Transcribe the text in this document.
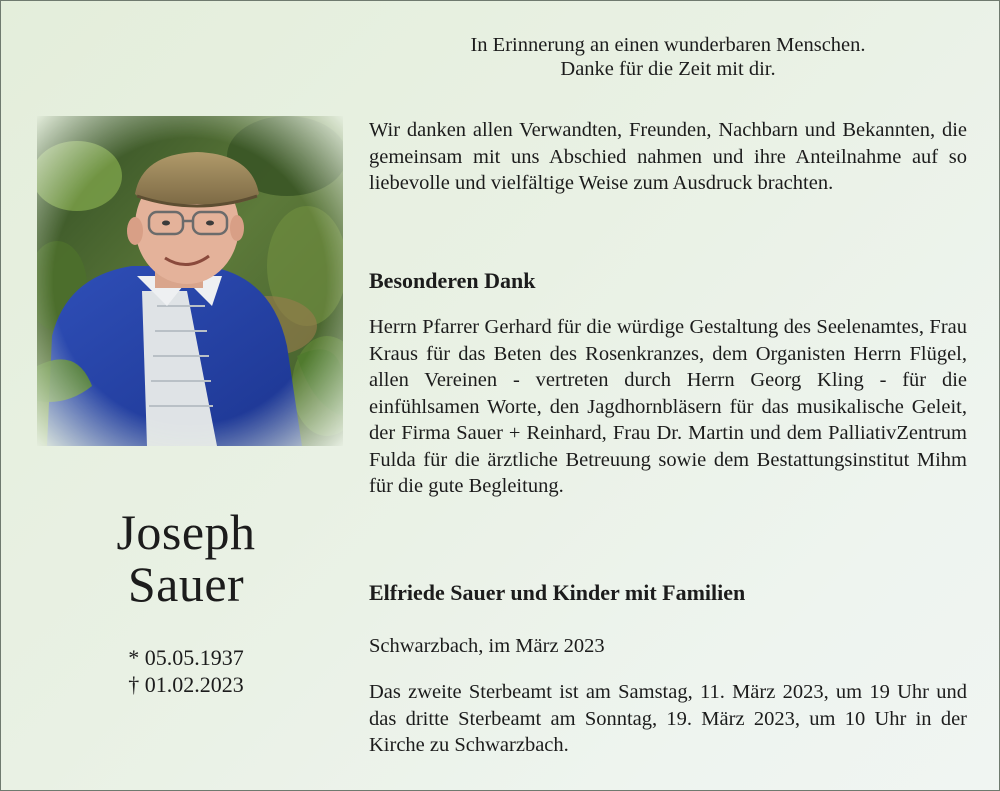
In Erinnerung an einen wunderbaren Menschen.
Danke für die Zeit mit dir.
Joseph
Sauer
* 05.05.1937
† 01.02.2023
Wir danken allen Verwandten, Freunden, Nachbarn und Bekannten, die gemeinsam mit uns Abschied nahmen und ihre Anteilnahme auf so liebevolle und vielfältige Weise zum Ausdruck brachten.
Besonderen Dank
Herrn Pfarrer Gerhard für die würdige Gestaltung des Seelenamtes, Frau Kraus für das Beten des Rosenkranzes, dem Organisten Herrn Flügel, allen Vereinen - vertreten durch Herrn Georg Kling - für die einfühlsamen Worte, den Jagdhornbläsern für das musikalische Geleit, der Firma Sauer + Reinhard, Frau Dr. Martin und dem PalliativZentrum Fulda für die ärztliche Betreuung sowie dem Bestattungsinstitut Mihm für die gute Begleitung.
Elfriede Sauer und Kinder mit Familien
Schwarzbach, im März 2023
Das zweite Sterbeamt ist am Samstag, 11. März 2023, um 19 Uhr und das dritte Sterbeamt am Sonntag, 19. März 2023, um 10 Uhr in der Kirche zu Schwarzbach.
